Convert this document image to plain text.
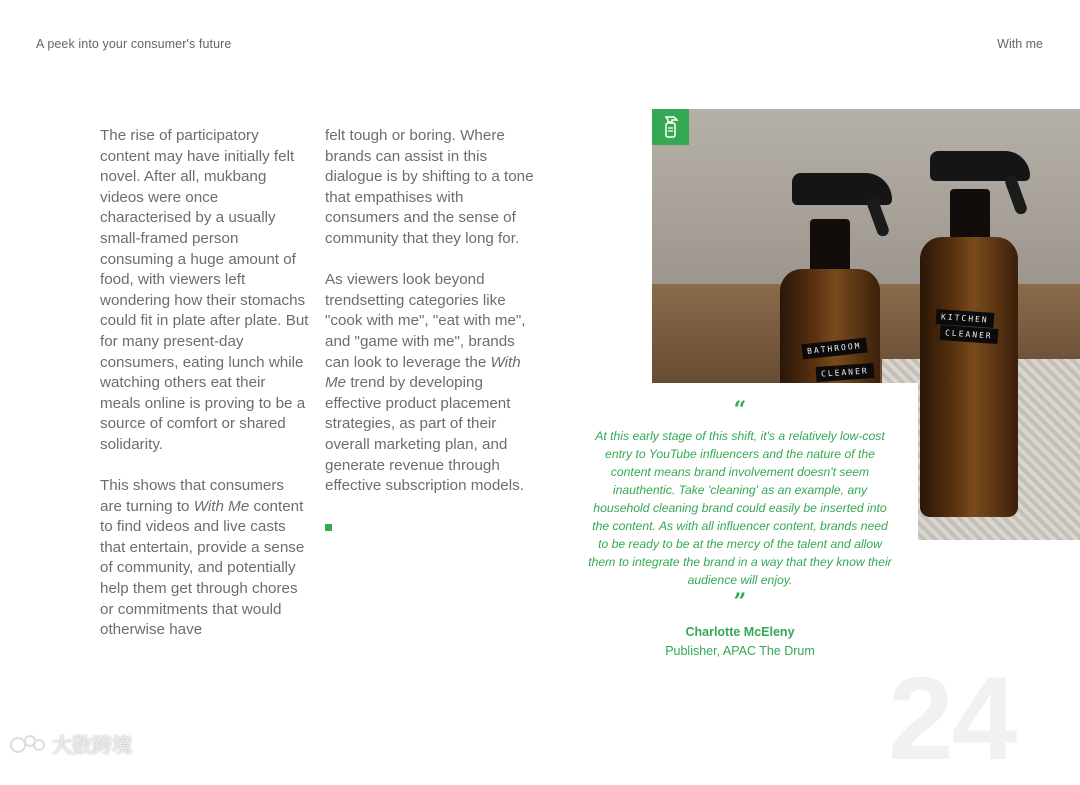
A peek into your consumer's future	With me

The rise of participatory content may have initially felt novel. After all, mukbang videos were once characterised by a usually small-framed person consuming a huge amount of food, with viewers left wondering how their stomachs could fit in plate after plate. But for many present-day consumers, eating lunch while watching others eat their meals online is proving to be a source of comfort or shared solidarity.

This shows that consumers are turning to With Me content to find videos and live casts that entertain, provide a sense of community, and potentially help them get through chores or commitments that would otherwise have

felt tough or boring. Where brands can assist in this dialogue is by shifting to a tone that empathises with consumers and the sense of community that they long for.

As viewers look beyond trendsetting categories like "cook with me", "eat with me", and "game with me", brands can look to leverage the With Me trend by developing effective product placement strategies, as part of their overall marketing plan, and generate revenue through effective subscription models.

BATHROOM
CLEANER
KITCHEN
CLEANER
“
At this early stage of this shift, it's a relatively low-cost entry to YouTube influencers and the nature of the content means brand involvement doesn't seem inauthentic. Take 'cleaning' as an example, any household cleaning brand could easily be inserted into the content. As with all influencer content, brands need to be ready to be at the mercy of the talent and allow them to integrate the brand in a way that they know their audience will enjoy.
”
Charlotte McEleny
Publisher, APAC The Drum
24
大数跨境
